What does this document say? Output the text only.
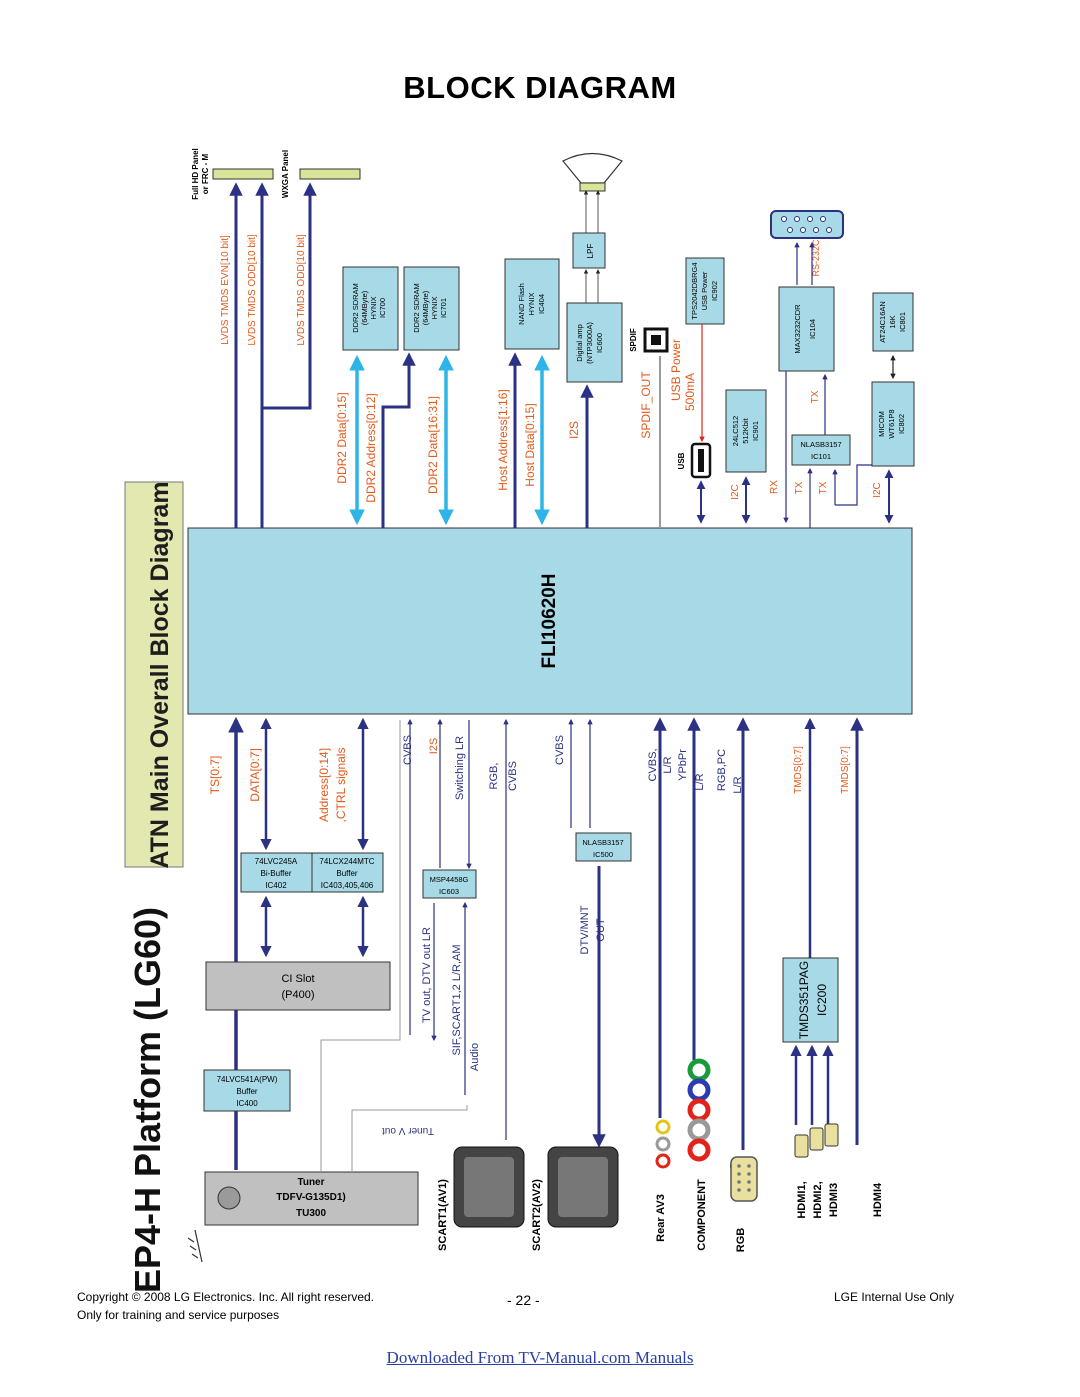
BLOCK DIAGRAM
ATN Main Overall Block Diagram
EP4-H Platform (LG60)
FLI10620H
Full HD Panel or FRC - M	WXGA Panel
LVDS TMDS EVN[10 bit] LVDS TMDS ODD[10 bit]	LVDS TMDS ODD[10 bit]	DDR2 SDRAM (64MByte) HYNIX IC700	DDR2 SDRAM (64MByte) HYNIX IC701
DDR2 Data[0:15] DDR2 Address[0:12]	DDR2 Data[16:31]
NAND Flash HYNIX IC404
Host Address[1:16] Host Data[0:15]
LPF
Digital amp (NTP3000A) IC600
I2S
SPDIF
SPDIF_OUT
TPS2042DBRG4 USB Power IC902
USB Power 500mA
USB
24LC512 512Kbit IC901
I2C
RS-232C
MAX3232CDR IC104
RX
TX
NLASB3157
IC101
TX TX
AT24C16AN 16K IC801
MICOM WT61P8 IC802
I2C
TS[0:7] DATA[0:7]	Address[0:14] ,CTRL signals
74LVC245A
Bi-Buffer
IC402
74LCX244MTC
Buffer
IC403,405,406
CI Slot
(P400)
74LVC541A(PW)
Buffer
IC400
Tuner
TDFV-G135D1)
TU300
Tuner V out
CVBS I2S Switching LR
MSP4458G
IC603
TV out, DTV out LR SIF,SCART1,2 L/R,AM
Audio
RGB, CVBS
CVBS
NLASB3157
IC500
DTV/MNT OUT
CVBS, L/R YPbPr
L/R RGB,PC L/R	TMDS[0:7]	TMDS[0:7]
TMDS351PAG IC200
SCART1(AV1)	SCART2(AV2)	Rear AV3	COMPONENT RGB
HDMI1, HDMI2, HDMI3	HDMI4
Copyright © 2008 LG Electronics. Inc. All right reserved.
Only for training and service purposes
- 22 -	LGE Internal Use Only
Downloaded From TV-Manual.com Manuals
